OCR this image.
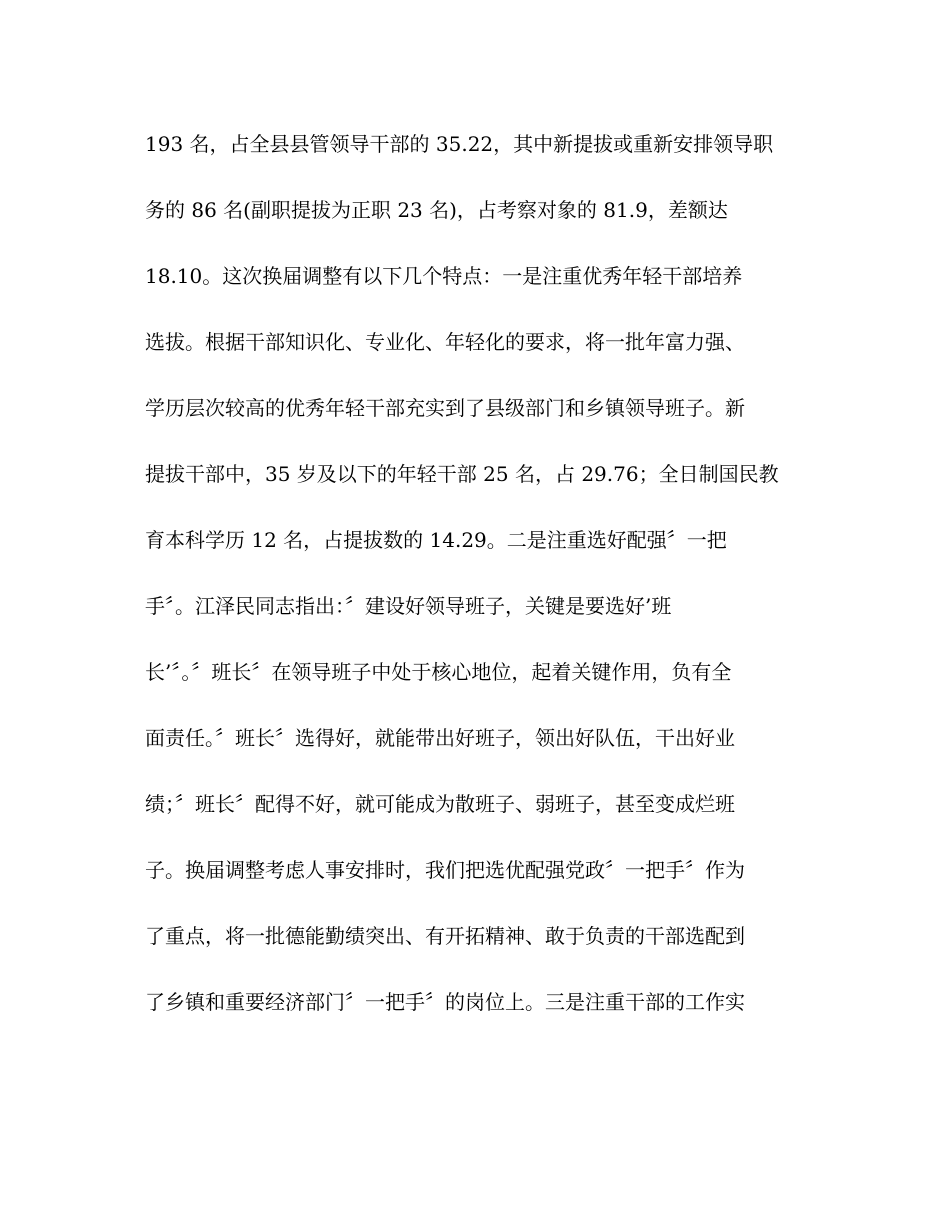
193 名，占全县县管领导干部的 35.22，其中新提拔或重新安排领导职
务的 86 名(副职提拔为正职 23 名)，占考察对象的 81.9，差额达
18.10。这次换届调整有以下几个特点：一是注重优秀年轻干部培养
选拔。根据干部知识化、专业化、年轻化的要求，将一批年富力强、
学历层次较高的优秀年轻干部充实到了县级部门和乡镇领导班子。新
提拔干部中，35 岁及以下的年轻干部 25 名，占 29.76；全日制国民教
育本科学历 12 名，占提拔数的 14.29。二是注重选好配强〞一把
手〞。江泽民同志指出：〞建设好领导班子，关键是要选好’班
长’〞。〞班长〞在领导班子中处于核心地位，起着关键作用，负有全
面责任。〞班长〞选得好，就能带出好班子，领出好队伍，干出好业
绩；〞班长〞配得不好，就可能成为散班子、弱班子，甚至变成烂班
子。换届调整考虑人事安排时，我们把选优配强党政〞一把手〞作为
了重点，将一批德能勤绩突出、有开拓精神、敢于负责的干部选配到
了乡镇和重要经济部门〞一把手〞的岗位上。三是注重干部的工作实
